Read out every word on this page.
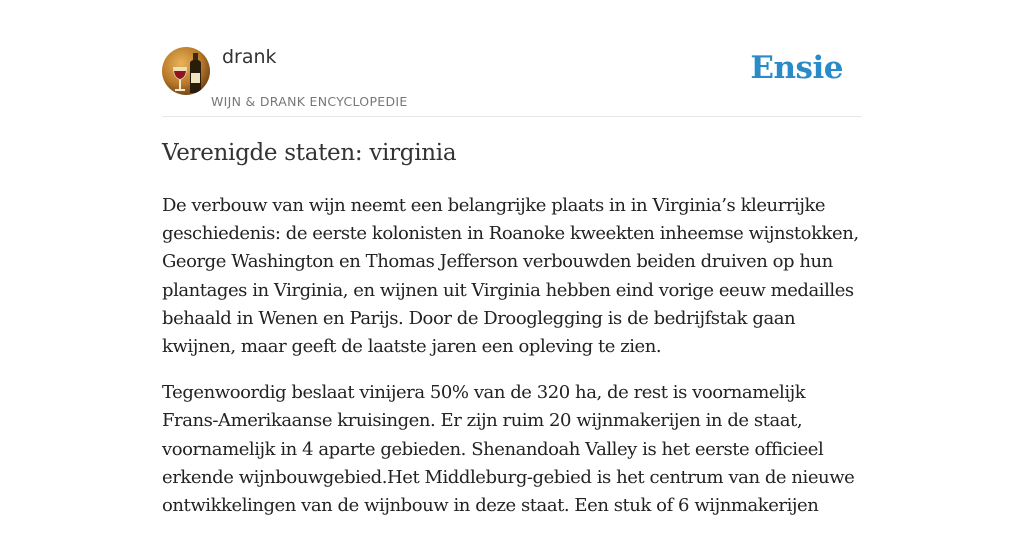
drank
WIJN & DRANK ENCYCLOPEDIE
Ensie
Verenigde staten: virginia

De verbouw van wijn neemt een belangrijke plaats in in Virginia’s kleurrijke geschiedenis: de eerste kolonisten in Roanoke kweekten inheemse wijnstokken, George Washington en Thomas Jefferson verbouwden beiden druiven op hun plantages in Virginia, en wijnen uit Virginia hebben eind vorige eeuw medailles behaald in Wenen en Parijs. Door de Drooglegging is de bedrijfstak gaan kwijnen, maar geeft de laatste jaren een opleving te zien.

Tegenwoordig beslaat vinijera 50% van de 320 ha, de rest is voornamelijk Frans-Amerikaanse kruisingen. Er zijn ruim 20 wijnmakerijen in de staat, voornamelijk in 4 aparte gebieden. Shenandoah Valley is het eerste officieel erkende wijnbouwgebied.Het Middleburg-gebied is het centrum van de nieuwe ontwikkelingen van de wijnbouw in deze staat. Een stuk of 6 wijnmakerijen
